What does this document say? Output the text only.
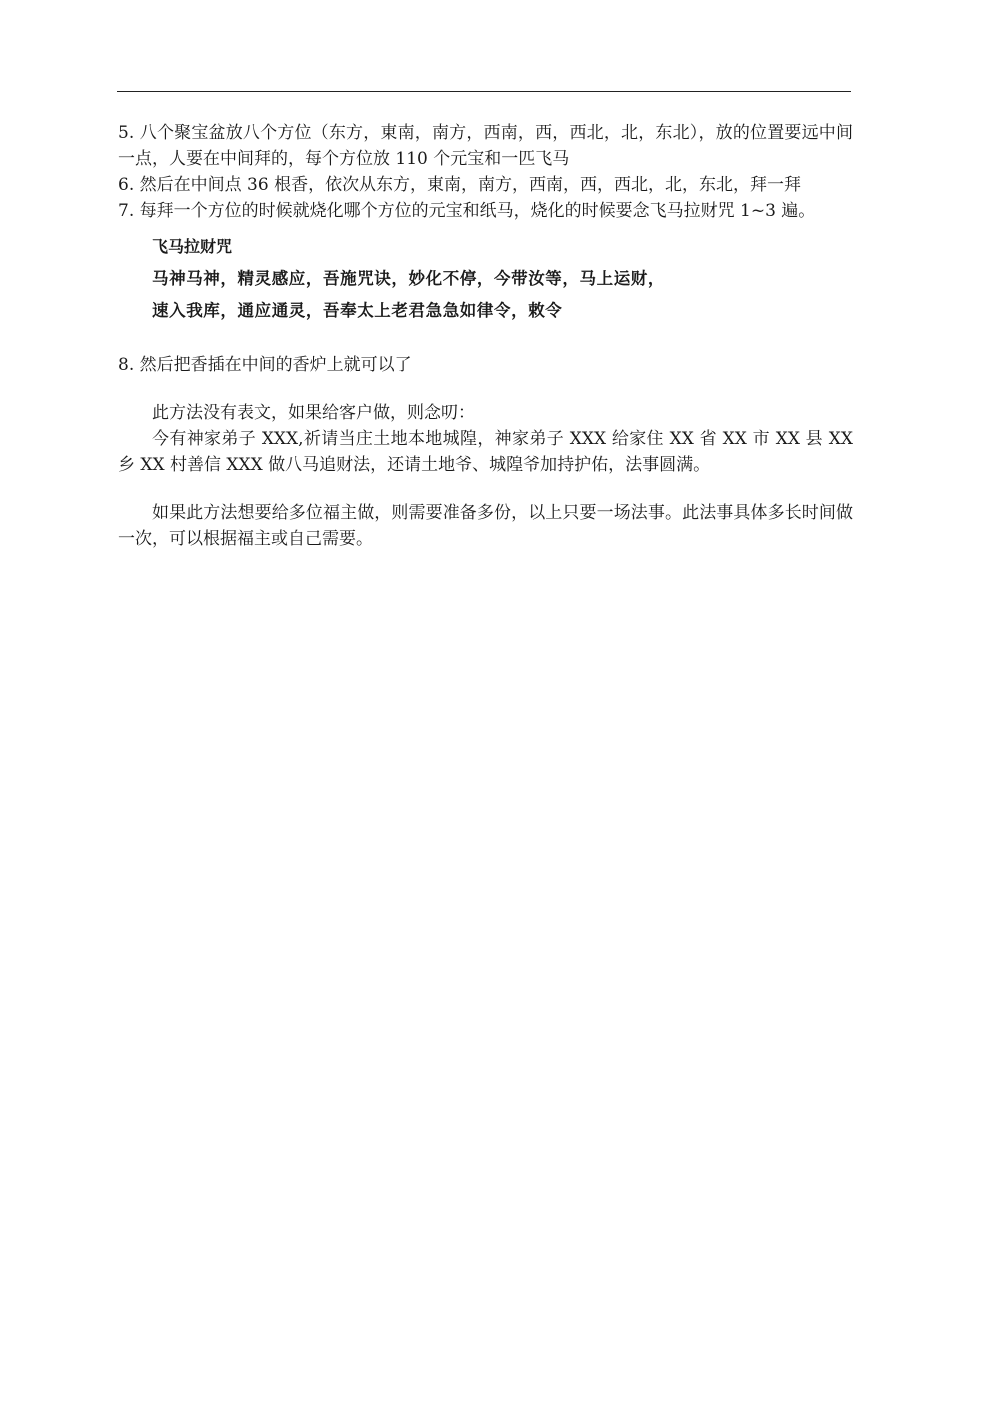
5. 八个聚宝盆放八个方位（东方，東南，南方，西南，西，西北，北，东北），放的位置要远中间一点，人要在中间拜的，每个方位放 110 个元宝和一匹飞马

6. 然后在中间点 36 根香，依次从东方，東南，南方，西南，西，西北，北，东北，拜一拜

7. 每拜一个方位的时候就烧化哪个方位的元宝和纸马，烧化的时候要念飞马拉财咒 1~3 遍。

飞马拉财咒

马神马神，精灵感应，吾施咒诀，妙化不停，今带汝等，马上运财，

速入我库，通应通灵，吾奉太上老君急急如律令，敕令

8. 然后把香插在中间的香炉上就可以了

此方法没有表文，如果给客户做，则念叨：

今有神家弟子 XXX,祈请当庄土地本地城隍，神家弟子 XXX 给家住 XX 省 XX 市 XX 县 XX 乡 XX 村善信 XXX 做八马追财法，还请土地爷、城隍爷加持护佑，法事圆满。

如果此方法想要给多位福主做，则需要准备多份，以上只要一场法事。此法事具体多长时间做一次，可以根据福主或自己需要。
